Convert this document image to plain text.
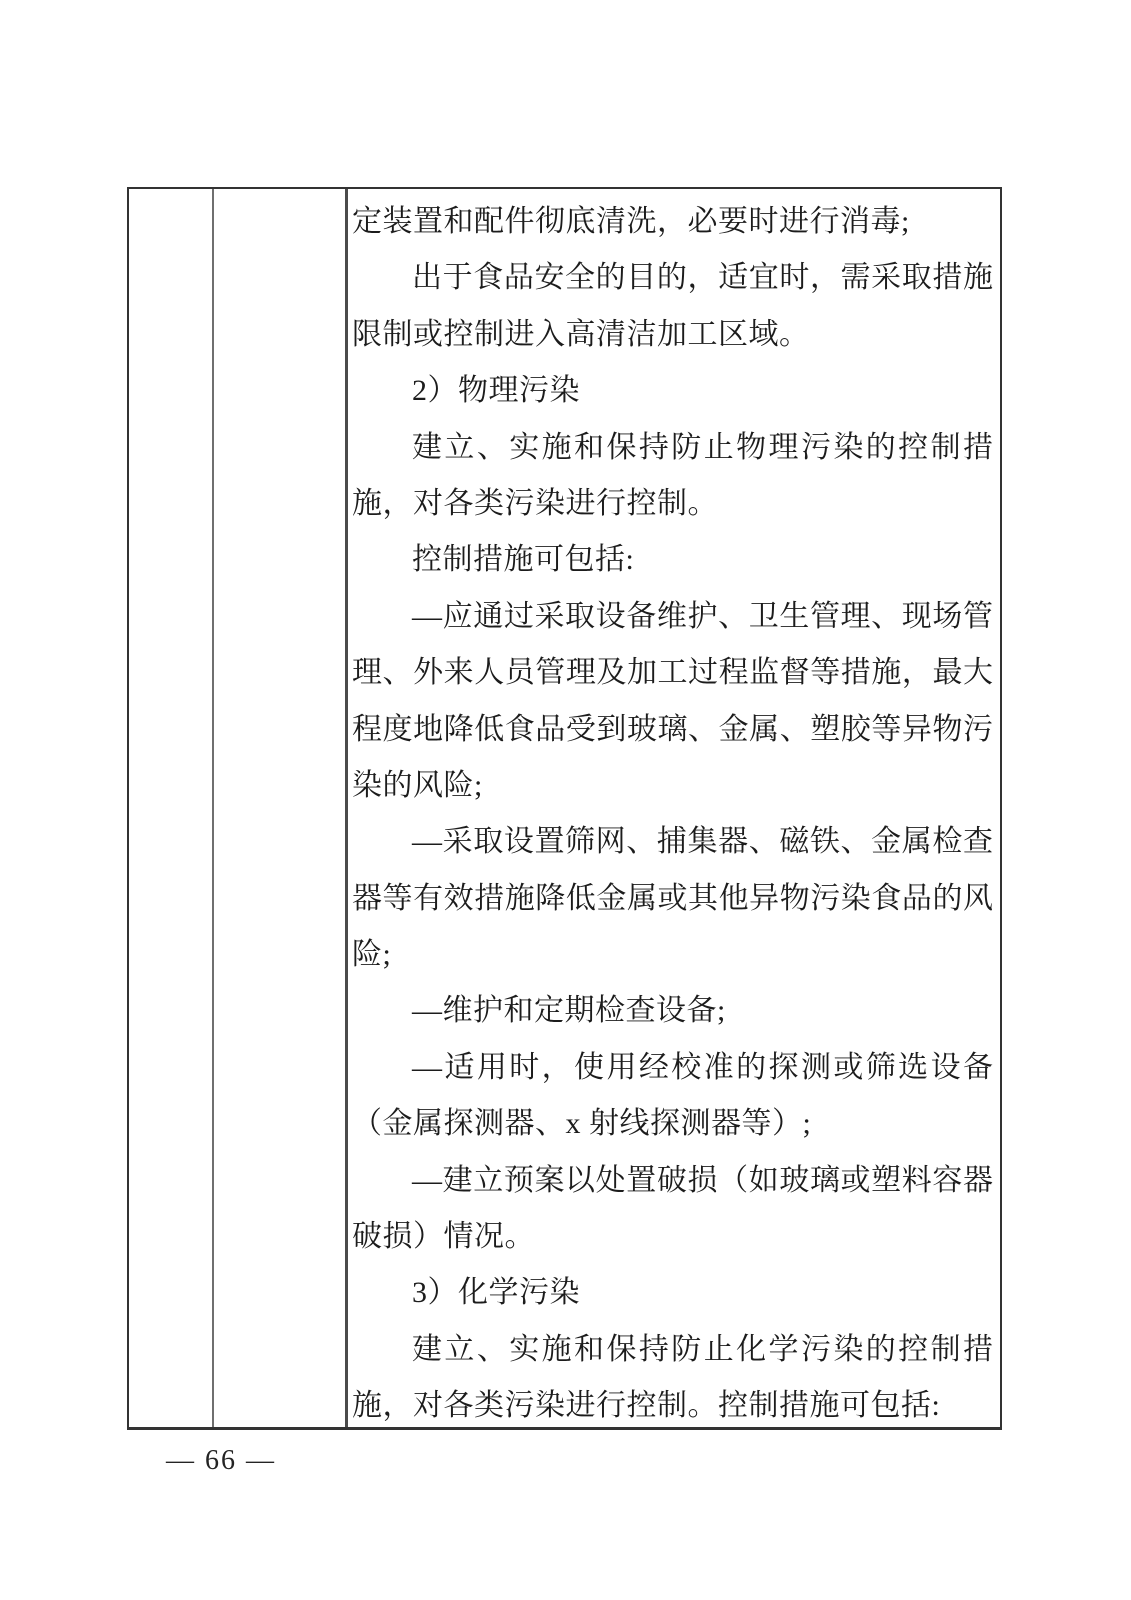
定装置和配件彻底清洗，必要时进行消毒;
出于食品安全的目的，适宜时，需采取措施
限制或控制进入高清洁加工区域。
2）物理污染
建立、实施和保持防止物理污染的控制措
施，对各类污染进行控制。
控制措施可包括:
—应通过采取设备维护、卫生管理、现场管
理、外来人员管理及加工过程监督等措施，最大
程度地降低食品受到玻璃、金属、塑胶等异物污
染的风险;
—采取设置筛网、捕集器、磁铁、金属检查
器等有效措施降低金属或其他异物污染食品的风
险;
—维护和定期检查设备;
—适用时，使用经校准的探测或筛选设备
（金属探测器、x 射线探测器等）;
—建立预案以处置破损（如玻璃或塑料容器
破损）情况。
3）化学污染
建立、实施和保持防止化学污染的控制措
施，对各类污染进行控制。控制措施可包括:
— 66 —
